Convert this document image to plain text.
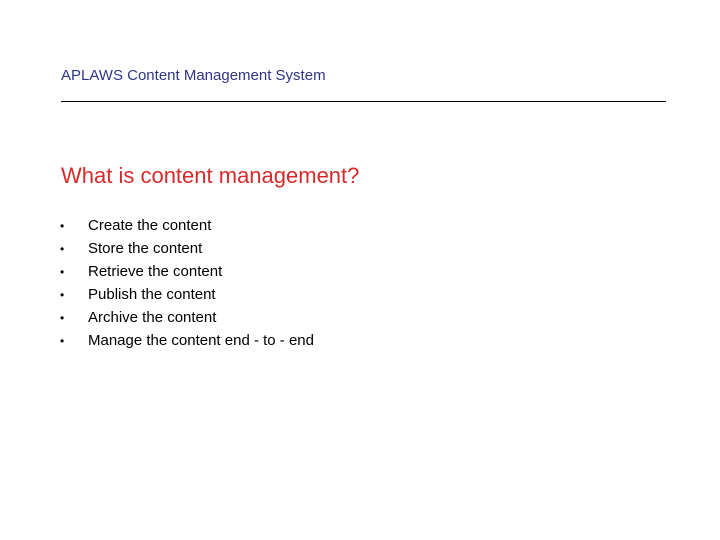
APLAWS Content Management System
What is content management?
•	Create the content
•	Store the content
•	Retrieve the content
•	Publish the content
•	Archive the content
•	Manage the content end - to - end
